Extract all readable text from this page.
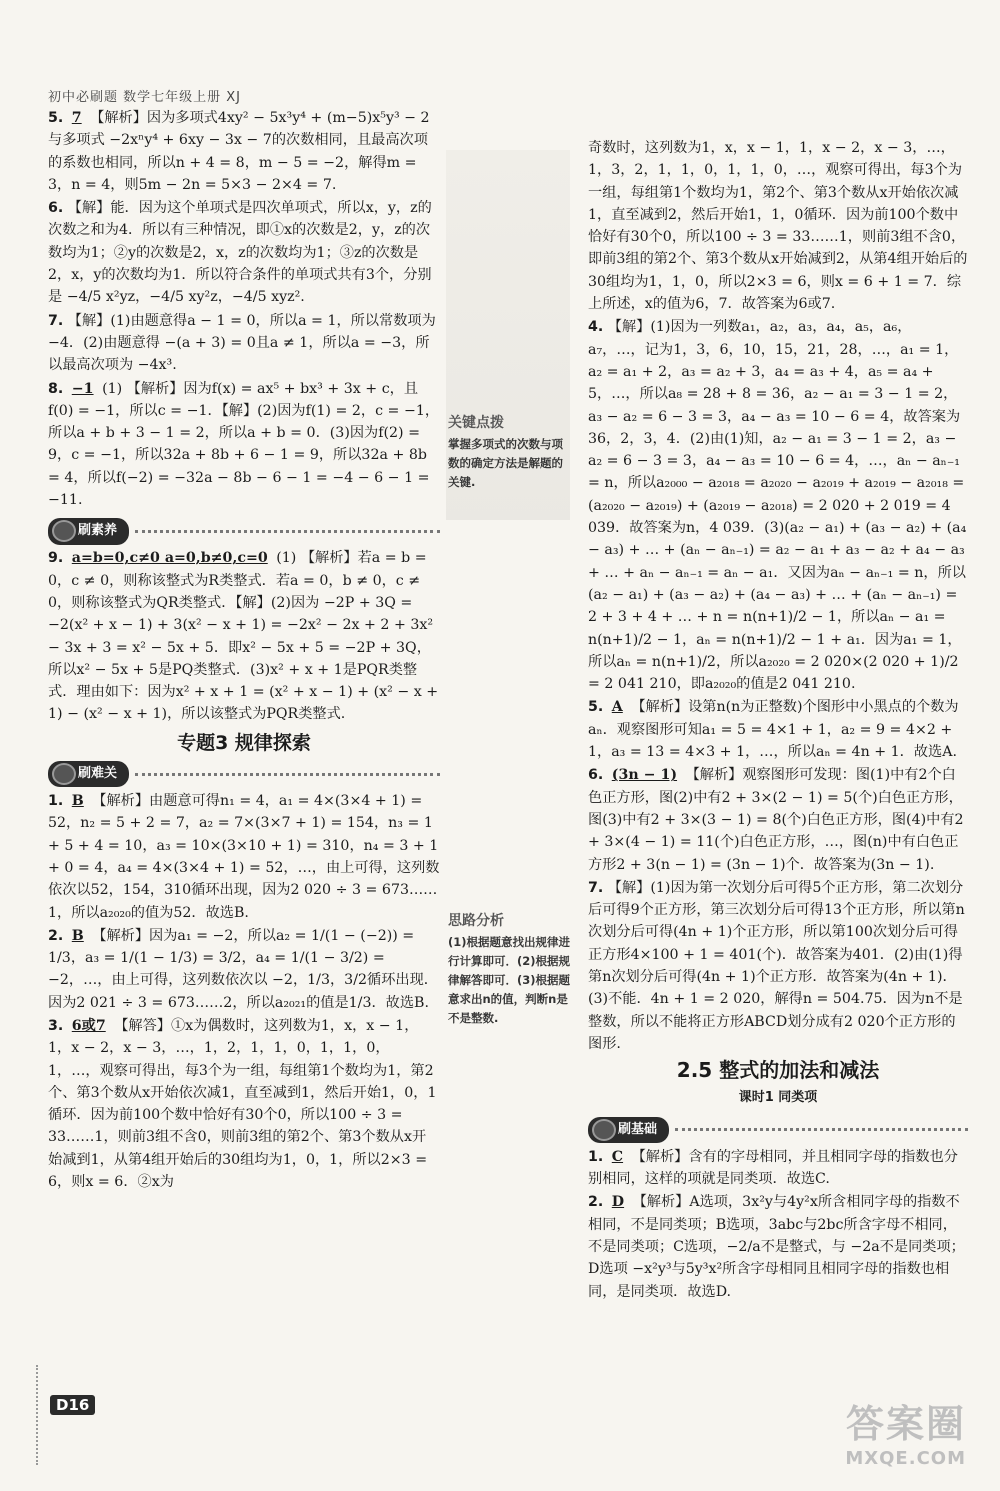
初中必刷题 数学七年级上册 XJ

5. 7 【解析】因为多项式4xy² − 5x³y⁴ + (m−5)x⁵y³ − 2与多项式 −2xⁿy⁴ + 6xy − 3x − 7的次数相同，且最高次项的系数也相同，所以n + 4 = 8，m − 5 = −2，解得m = 3，n = 4，则5m − 2n = 5×3 − 2×4 = 7.

6. 【解】能．因为这个单项式是四次单项式，所以x，y，z的次数之和为4．所以有三种情况，即①x的次数是2，y，z的次数均为1；②y的次数是2，x，z的次数均为1；③z的次数是2，x，y的次数均为1．所以符合条件的单项式共有3个，分别是 −4/5 x²yz，−4/5 xy²z，−4/5 xyz².

7. 【解】(1)由题意得a − 1 = 0，所以a = 1，所以常数项为 −4．(2)由题意得 −(a + 3) = 0且a ≠ 1，所以a = −3，所以最高次项为 −4x³.

8. −1 (1) 【解析】因为f(x) = ax⁵ + bx³ + 3x + c，且f(0) = −1，所以c = −1．【解】(2)因为f(1) = 2，c = −1，所以a + b + 3 − 1 = 2，所以a + b = 0．(3)因为f(2) = 9，c = −1，所以32a + 8b + 6 − 1 = 9，所以32a + 8b = 4，所以f(−2) = −32a − 8b − 6 − 1 = −4 − 6 − 1 = −11.

刷素养

9. a=b=0,c≠0 a=0,b≠0,c=0 (1) 【解析】若a = b = 0，c ≠ 0，则称该整式为R类整式．若a = 0，b ≠ 0，c ≠ 0，则称该整式为QR类整式．【解】(2)因为 −2P + 3Q = −2(x² + x − 1) + 3(x² − x + 1) = −2x² − 2x + 2 + 3x² − 3x + 3 = x² − 5x + 5．即x² − 5x + 5 = −2P + 3Q，所以x² − 5x + 5是PQ类整式．(3)x² + x + 1是PQR类整式．理由如下：因为x² + x + 1 = (x² + x − 1) + (x² − x + 1) − (x² − x + 1)，所以该整式为PQR类整式.

专题3 规律探索
刷难关

1. B 【解析】由题意可得n₁ = 4，a₁ = 4×(3×4 + 1) = 52，n₂ = 5 + 2 = 7，a₂ = 7×(3×7 + 1) = 154，n₃ = 1 + 5 + 4 = 10，a₃ = 10×(3×10 + 1) = 310，n₄ = 3 + 1 + 0 = 4，a₄ = 4×(3×4 + 1) = 52，…，由上可得，这列数依次以52，154，310循环出现，因为2 020 ÷ 3 = 673……1，所以a₂₀₂₀的值为52．故选B.

2. B 【解析】因为a₁ = −2，所以a₂ = 1/(1 − (−2)) = 1/3，a₃ = 1/(1 − 1/3) = 3/2，a₄ = 1/(1 − 3/2) = −2，…，由上可得，这列数依次以 −2，1/3，3/2循环出现．因为2 021 ÷ 3 = 673……2，所以a₂₀₂₁的值是1/3．故选B.

3. 6或7 【解答】①x为偶数时，这列数为1，x，x − 1，1，x − 2，x − 3，…，1，2，1，1，0，1，1，0，1，…，观察可得出，每3个为一组，每组第1个数均为1，第2个、第3个数从x开始依次减1，直至减到1，然后开始1，0，1循环．因为前100个数中恰好有30个0，所以100 ÷ 3 = 33……1，则前3组不含0，则前3组的第2个、第3个数从x开始减到1，从第4组开始后的30组均为1，0，1，所以2×3 = 6，则x = 6．②x为

关键点拨
掌握多项式的次数与项数的确定方法是解题的关键.
思路分析
(1)根据题意找出规律进行计算即可．(2)根据规律解答即可．(3)根据题意求出n的值，判断n是不是整数.

奇数时，这列数为1，x，x − 1，1，x − 2，x − 3，…，1，3，2，1，1，0，1，1，0，…，观察可得出，每3个为一组，每组第1个数均为1，第2个、第3个数从x开始依次减1，直至减到2，然后开始1，1，0循环．因为前100个数中恰好有30个0，所以100 ÷ 3 = 33……1，则前3组不含0，即前3组的第2个、第3个数从x开始减到2，从第4组开始后的30组均为1，1，0，所以2×3 = 6，则x = 6 + 1 = 7．综上所述，x的值为6，7．故答案为6或7.

4. 【解】(1)因为一列数a₁，a₂，a₃，a₄，a₅，a₆，a₇，…，记为1，3，6，10，15，21，28，…，a₁ = 1，a₂ = a₁ + 2，a₃ = a₂ + 3，a₄ = a₃ + 4，a₅ = a₄ + 5，…，所以a₈ = 28 + 8 = 36，a₂ − a₁ = 3 − 1 = 2，a₃ − a₂ = 6 − 3 = 3，a₄ − a₃ = 10 − 6 = 4，故答案为36，2，3，4．(2)由(1)知，a₂ − a₁ = 3 − 1 = 2，a₃ − a₂ = 6 − 3 = 3，a₄ − a₃ = 10 − 6 = 4，…，aₙ − aₙ₋₁ = n，所以a₂₀₀₀ − a₂₀₁₈ = a₂₀₂₀ − a₂₀₁₉ + a₂₀₁₉ − a₂₀₁₈ = (a₂₀₂₀ − a₂₀₁₉) + (a₂₀₁₉ − a₂₀₁₈) = 2 020 + 2 019 = 4 039．故答案为n，4 039．(3)(a₂ − a₁) + (a₃ − a₂) + (a₄ − a₃) + … + (aₙ − aₙ₋₁) = a₂ − a₁ + a₃ − a₂ + a₄ − a₃ + … + aₙ − aₙ₋₁ = aₙ − a₁．又因为aₙ − aₙ₋₁ = n，所以(a₂ − a₁) + (a₃ − a₂) + (a₄ − a₃) + … + (aₙ − aₙ₋₁) = 2 + 3 + 4 + … + n = n(n+1)/2 − 1，所以aₙ − a₁ = n(n+1)/2 − 1，aₙ = n(n+1)/2 − 1 + a₁．因为a₁ = 1，所以aₙ = n(n+1)/2，所以a₂₀₂₀ = 2 020×(2 020 + 1)/2 = 2 041 210，即a₂₀₂₀的值是2 041 210.

5. A 【解析】设第n(n为正整数)个图形中小黑点的个数为aₙ．观察图形可知a₁ = 5 = 4×1 + 1，a₂ = 9 = 4×2 + 1，a₃ = 13 = 4×3 + 1，…，所以aₙ = 4n + 1．故选A.

6. (3n − 1) 【解析】观察图形可发现：图(1)中有2个白色正方形，图(2)中有2 + 3×(2 − 1) = 5(个)白色正方形，图(3)中有2 + 3×(3 − 1) = 8(个)白色正方形，图(4)中有2 + 3×(4 − 1) = 11(个)白色正方形，…，图(n)中有白色正方形2 + 3(n − 1) = (3n − 1)个．故答案为(3n − 1).

7. 【解】(1)因为第一次划分后可得5个正方形，第二次划分后可得9个正方形，第三次划分后可得13个正方形，所以第n次划分后可得(4n + 1)个正方形，所以第100次划分后可得正方形4×100 + 1 = 401(个)．故答案为401．(2)由(1)得第n次划分后可得(4n + 1)个正方形．故答案为(4n + 1)．(3)不能．4n + 1 = 2 020，解得n = 504.75．因为n不是整数，所以不能将正方形ABCD划分成有2 020个正方形的图形.

2.5 整式的加法和减法
课时1 同类项
刷基础

1. C 【解析】含有的字母相同，并且相同字母的指数也分别相同，这样的项就是同类项．故选C.

2. D 【解析】A选项，3x²y与4y²x所含相同字母的指数不相同，不是同类项；B选项，3abc与2bc所含字母不相同，不是同类项；C选项，−2/a不是整式，与 −2a不是同类项；D选项 −x²y³与5y³x²所含字母相同且相同字母的指数也相同，是同类项．故选D.

D16	答案圈
MXQE.COM
